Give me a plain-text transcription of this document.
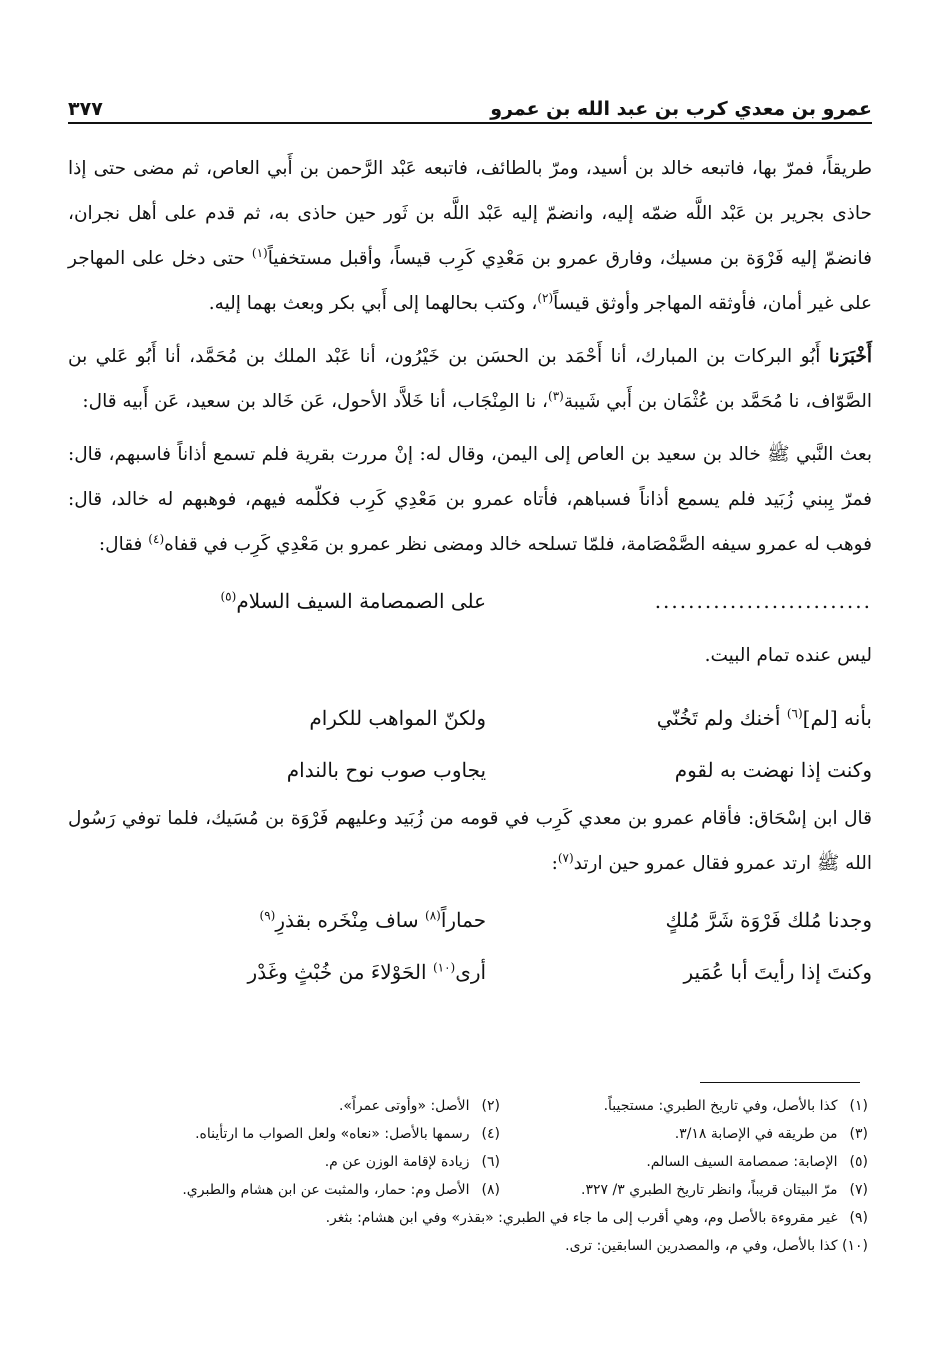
عمرو بن معدي كرب بن عبد الله بن عمرو
٣٧٧

طريقاً، فمرّ بها، فاتبعه خالد بن أسيد، ومرّ بالطائف، فاتبعه عَبْد الرَّحمن بن أَبي العاص، ثم مضى حتى إذا حاذى بجرير بن عَبْد اللَّه ضمّه إليه، وانضمّ إليه عَبْد اللَّه بن ثَور حين حاذى به، ثم قدم على أهل نجران، فانضمّ إليه فَرْوَة بن مسيك، وفارق عمرو بن مَعْدِي كَرِب قيساً، وأقبل مستخفياً$^{(١)}$ حتى دخل على المهاجر على غير أمان، فأوثقه المهاجر وأوثق قيساً$^{(٢)}$، وكتب بحالهما إلى أَبي بكر وبعث بهما إليه.

أَخْبَرَنا أَبُو البركات بن المبارك، أنا أَحْمَد بن الحسَن بن خَيْرُون، أنا عَبْد الملك بن مُحَمَّد، أنا أَبُو عَلي بن الصَّوّاف، نا مُحَمَّد بن عُثْمَان بن أَبي شَيبة$^{(٣)}$، نا المِنْجَاب، أنا خَلاَّد الأحول، عَن خَالد بن سعيد، عَن أَبيه قال:

بعث النَّبي ﷺ خالد بن سعيد بن العاص إلى اليمن، وقال له: إنْ مررت بقرية فلم تسمع أذاناً فاسبهم، قال: فمرّ بِبني زُبَيد فلم يسمع أذاناً فسباهم، فأتاه عمرو بن مَعْدِي كَرِب فكلّمه فيهم، فوهبهم له خالد، قال: فوهب له عمرو سيفه الصَّمْصَامة، فلمّا تسلحه خالد ومضى نظر عمرو بن مَعْدِي كَرِب في قفاه$^{(٤)}$ فقال:

..........................
على الصمصامة السيف السلام$^{(٥)}$
ليس عنده تمام البيت.
بأنه [لم]$^{(٦)}$ أخنك ولم تَخُنّي
ولكنّ المواهب للكرام
وكنت إذا نهضت به لقوم
يجاوب صوب نوح بالندام

قال ابن إسْحَاق: فأقام عمرو بن معدي كَرِب في قومه من زُبَيد وعليهم فَرْوَة بن مُسَيك، فلما توفي رَسُول الله ﷺ ارتد عمرو فقال عمرو حين ارتد$^{(٧)}$:

وجدنا مُلك فَرْوَة شَرَّ مُلكٍ
حماراً$^{(٨)}$ ساف مِنْخَره بقذرِ$^{(٩)}$
وكنتَ إذا رأيتَ أبا عُمَير
أرى$^{(١٠)}$ الحَوْلاءَ من خُبْثٍ وغَدْر
(١) كذا بالأصل، وفي تاريخ الطبري: مستجيباً.
(٢) الأصل: «وأوتى عمراً».
(٣) من طريقه في الإصابة ٣/١٨.
(٤) رسمها بالأصل: «نعاه» ولعل الصواب ما ارتأيناه.
(٥) الإصابة: صمصامة السيف السالم.
(٦) زيادة لإقامة الوزن عن م.
(٧) مرّ البيتان قريباً، وانظر تاريخ الطبري ٣/ ٣٢٧.
(٨) الأصل وم: حمار، والمثبت عن ابن هشام والطبري.
(٩) غير مقروءة بالأصل وم، وهي أقرب إلى ما جاء في الطبري: «بقذر» وفي ابن هشام: بثغر.
(١٠) كذا بالأصل، وفي م، والمصدرين السابقين: ترى.
